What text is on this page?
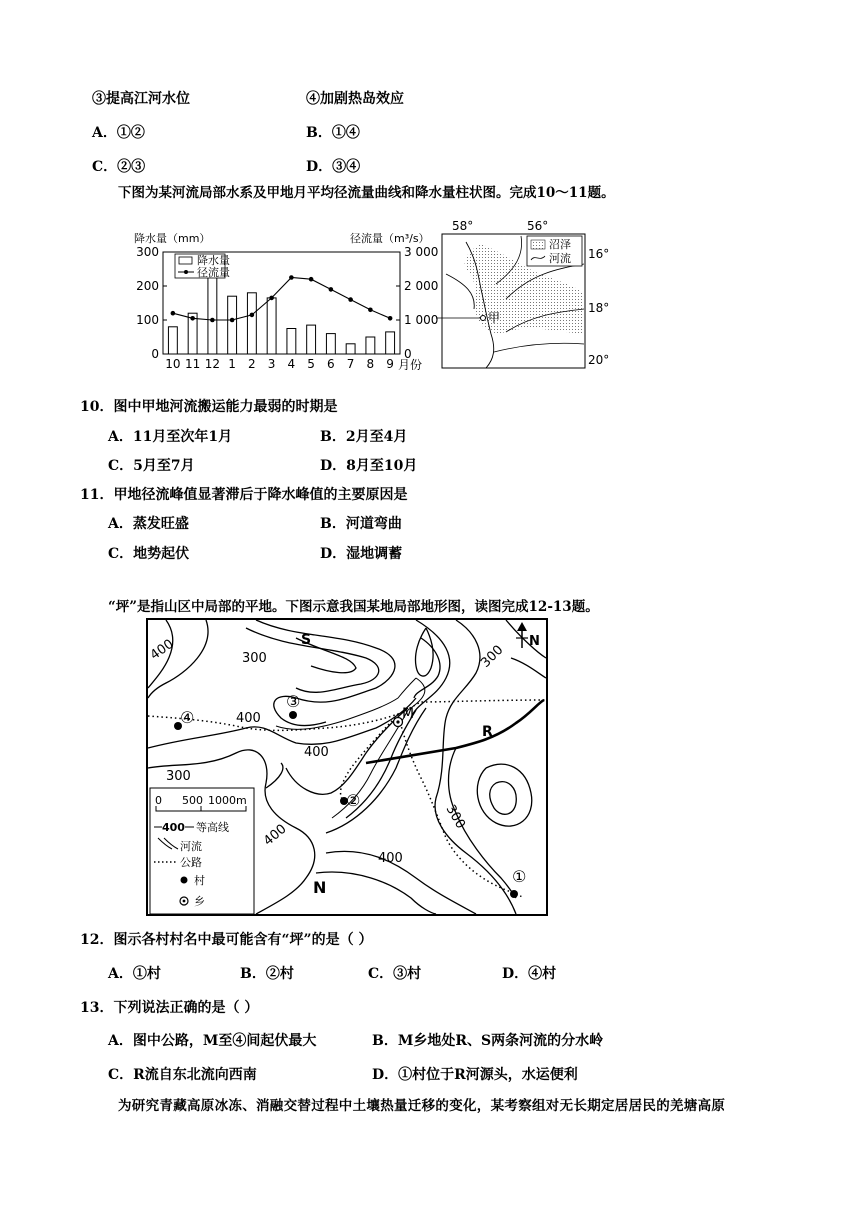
③提高江河水位	④加剧热岛效应
A．①②	B．①④
C．②③	D．③④
下图为某河流局部水系及甲地月平均径流量曲线和降水量柱状图。完成10～11题。
降水量（mm）	径流量（m³/s）
0
100
200
300
0
1 000
2 000
3 000
10 11 12 1 2 3 4 5 6 7 8 9
降水量
径流量
月份
58°	56°
甲
沼泽
河流 16°
18°
20°
10．图中甲地河流搬运能力最弱的时期是
A．11月至次年1月	B．2月至4月
C．5月至7月	D．8月至10月
11．甲地径流峰值显著滞后于降水峰值的主要原因是
A．蒸发旺盛	B．河道弯曲
C．地势起伏	D．湿地调蓄
“坪”是指山区中局部的平地。下图示意我国某地局部地形图，读图完成12-13题。
S
R
N
300
400
400
400
300
400
400
300
300
N
④
③
②
①
M
0 500 1000m
400 等高线
河流
公路
村
乡
12．图示各村村名中最可能含有“坪”的是（ ）
A．①村	B．②村	C．③村	D．④村
13．下列说法正确的是（ ）
A．图中公路，M至④间起伏最大	B．M乡地处R、S两条河流的分水岭
C．R流自东北流向西南	D．①村位于R河源头，水运便利
为研究青藏高原冰冻、消融交替过程中土壤热量迁移的变化，某考察组对无长期定居居民的羌塘高原
